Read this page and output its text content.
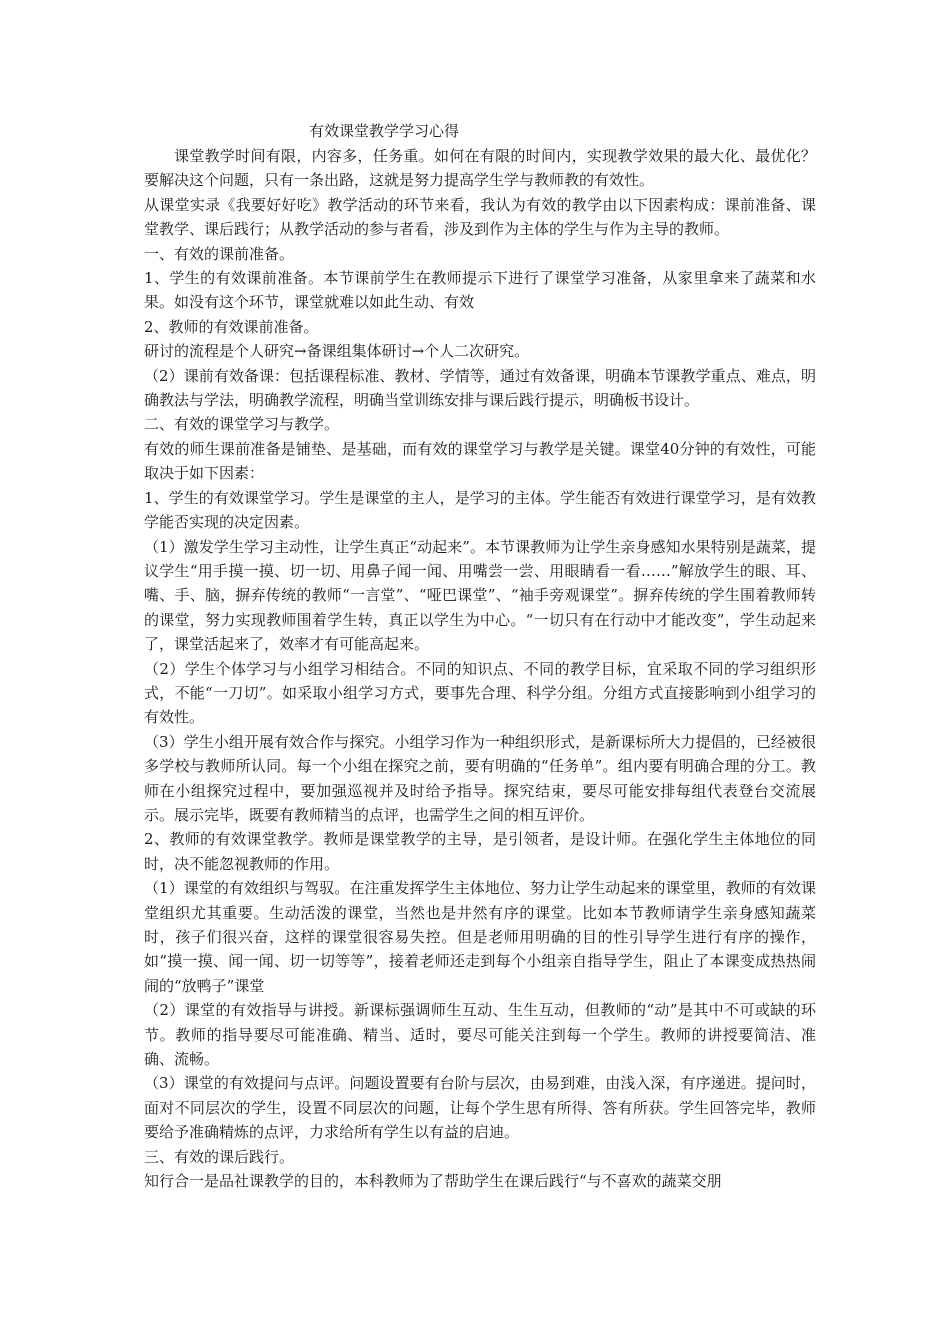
有效课堂教学学习心得

课堂教学时间有限，内容多，任务重。如何在有限的时间内，实现教学效果的最大化、最优化？要解决这个问题，只有一条出路，这就是努力提高学生学与教师教的有效性。

从课堂实录《我要好好吃》教学活动的环节来看，我认为有效的教学由以下因素构成：课前准备、课堂教学、课后践行；从教学活动的参与者看，涉及到作为主体的学生与作为主导的教师。

一、有效的课前准备。

1、学生的有效课前准备。本节课前学生在教师提示下进行了课堂学习准备，从家里拿来了蔬菜和水果。如没有这个环节，课堂就难以如此生动、有效

2、教师的有效课前准备。

研讨的流程是个人研究→备课组集体研讨→个人二次研究。

（2）课前有效备课：包括课程标准、教材、学情等，通过有效备课，明确本节课教学重点、难点，明确教法与学法，明确教学流程，明确当堂训练安排与课后践行提示，明确板书设计。

二、有效的课堂学习与教学。

有效的师生课前准备是铺垫、是基础，而有效的课堂学习与教学是关键。课堂40分钟的有效性，可能取决于如下因素：

1、学生的有效课堂学习。学生是课堂的主人，是学习的主体。学生能否有效进行课堂学习，是有效教学能否实现的决定因素。

（1）激发学生学习主动性，让学生真正“动起来”。本节课教师为让学生亲身感知水果特别是蔬菜，提议学生“用手摸一摸、切一切、用鼻子闻一闻、用嘴尝一尝、用眼睛看一看……”解放学生的眼、耳、嘴、手、脑，摒弃传统的教师“一言堂”、“哑巴课堂”、“袖手旁观课堂”。摒弃传统的学生围着教师转的课堂，努力实现教师围着学生转，真正以学生为中心。“一切只有在行动中才能改变”，学生动起来了，课堂活起来了，效率才有可能高起来。

（2）学生个体学习与小组学习相结合。不同的知识点、不同的教学目标，宜采取不同的学习组织形式，不能“一刀切”。如采取小组学习方式，要事先合理、科学分组。分组方式直接影响到小组学习的有效性。

（3）学生小组开展有效合作与探究。小组学习作为一种组织形式，是新课标所大力提倡的，已经被很多学校与教师所认同。每一个小组在探究之前，要有明确的“任务单”。组内要有明确合理的分工。教师在小组探究过程中，要加强巡视并及时给予指导。探究结束，要尽可能安排每组代表登台交流展示。展示完毕，既要有教师精当的点评，也需学生之间的相互评价。

2、教师的有效课堂教学。教师是课堂教学的主导，是引领者，是设计师。在强化学生主体地位的同时，决不能忽视教师的作用。

（1）课堂的有效组织与驾驭。在注重发挥学生主体地位、努力让学生动起来的课堂里，教师的有效课堂组织尤其重要。生动活泼的课堂，当然也是井然有序的课堂。比如本节教师请学生亲身感知蔬菜时，孩子们很兴奋，这样的课堂很容易失控。但是老师用明确的目的性引导学生进行有序的操作，如“摸一摸、闻一闻、切一切等等”，接着老师还走到每个小组亲自指导学生，阻止了本课变成热热闹闹的“放鸭子”课堂

（2）课堂的有效指导与讲授。新课标强调师生互动、生生互动，但教师的“动”是其中不可或缺的环节。教师的指导要尽可能准确、精当、适时，要尽可能关注到每一个学生。教师的讲授要简洁、准确、流畅。

（3）课堂的有效提问与点评。问题设置要有台阶与层次，由易到难，由浅入深，有序递进。提问时，面对不同层次的学生，设置不同层次的问题，让每个学生思有所得、答有所获。学生回答完毕，教师要给予准确精炼的点评，力求给所有学生以有益的启迪。

三、有效的课后践行。

知行合一是品社课教学的目的，本科教师为了帮助学生在课后践行“与不喜欢的蔬菜交朋
